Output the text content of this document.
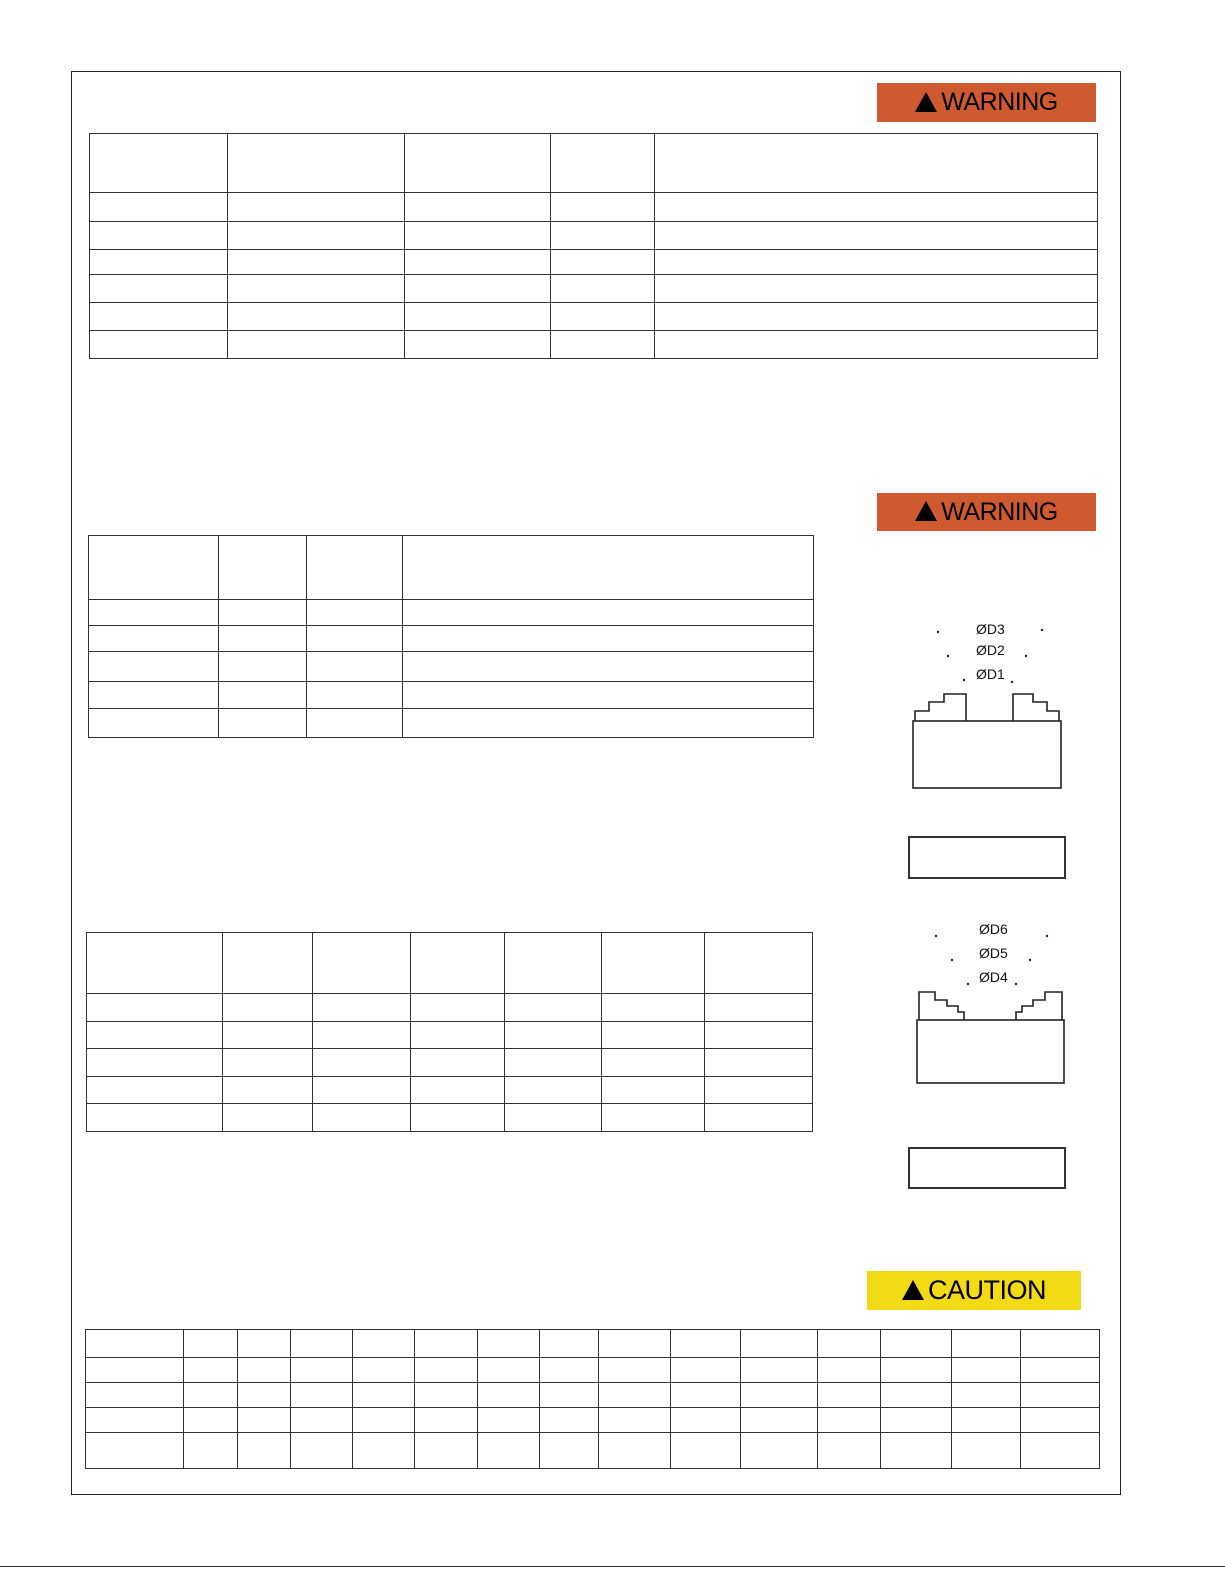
WARNING

WARNING

ØD3
ØD2
ØD1
ØD6
ØD5
ØD4
CAUTION
